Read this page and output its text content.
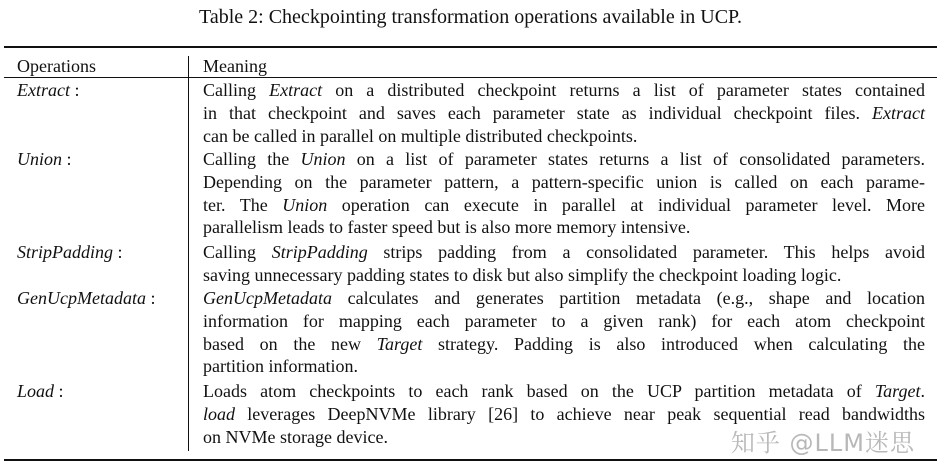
Table 2: Checkpointing transformation operations available in UCP.
Operations	Meaning
Extract :	Calling Extract on a distributed checkpoint returns a list of parameter states contained
in that checkpoint and saves each parameter state as individual checkpoint files. Extract
can be called in parallel on multiple distributed checkpoints.
Union :	Calling the Union on a list of parameter states returns a list of consolidated parameters.
Depending on the parameter pattern, a pattern-specific union is called on each parame-
ter. The Union operation can execute in parallel at individual parameter level. More
parallelism leads to faster speed but is also more memory intensive.
StripPadding :	Calling StripPadding strips padding from a consolidated parameter. This helps avoid
saving unnecessary padding states to disk but also simplify the checkpoint loading logic.
GenUcpMetadata :	GenUcpMetadata calculates and generates partition metadata (e.g., shape and location
information for mapping each parameter to a given rank) for each atom checkpoint
based on the new Target strategy. Padding is also introduced when calculating the
partition information.
Load :	Loads atom checkpoints to each rank based on the UCP partition metadata of Target.
load leverages DeepNVMe library [26] to achieve near peak sequential read bandwidths
on NVMe storage device.	知乎 @LLM迷思
